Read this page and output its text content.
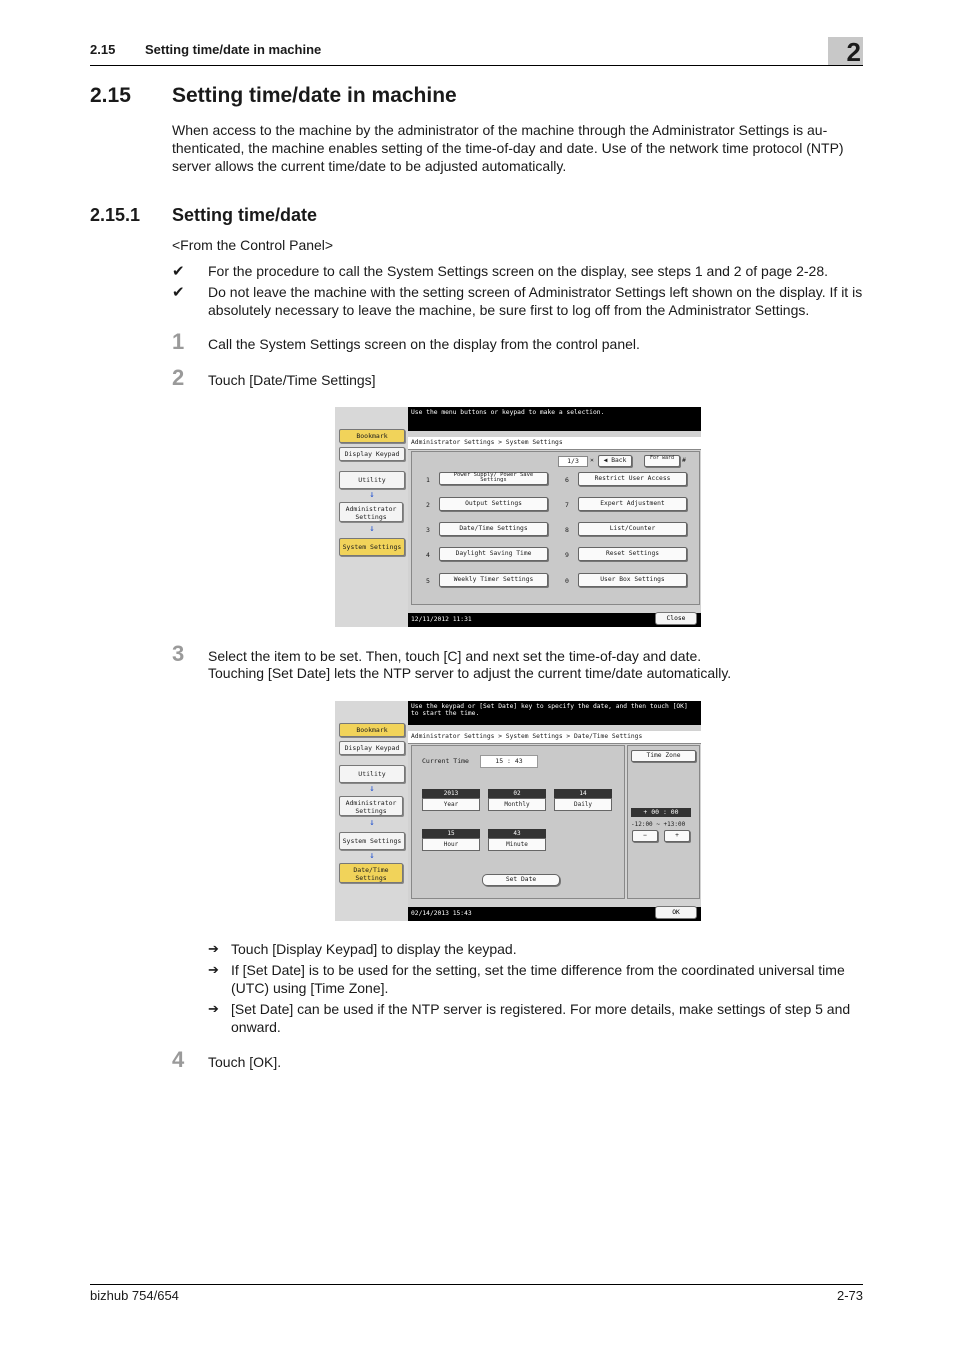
2.15 Setting time/date in machine	2
2.15 Setting time/date in machine
When access to the machine by the administrator of the machine through the Administrator Settings is au-thenticated, the machine enables setting of the time-of-day and date. Use of the network time protocol (NTP) server allows the current time/date to be adjusted automatically.
2.15.1 Setting time/date
<From the Control Panel>
✔ For the procedure to call the System Settings screen on the display, see steps 1 and 2 of page 2-28.
✔ Do not leave the machine with the setting screen of Administrator Settings left shown on the display. If it is absolutely necessary to leave the machine, be sure first to log off from the Administrator Settings.
1 Call the System Settings screen on the display from the control panel.
2 Touch [Date/Time Settings]
Bookmark
Display Keypad
Utility
↓
Administrator Settings
↓
System Settings
Use the menu buttons or keypad to make a selection.
Administrator Settings > System Settings
1/3	×	◀ Back	For ward	#
1
Power Supply/ Power Save Settings
2	Output Settings
3	Date/Time Settings
4	Daylight Saving Time
5	Weekly Timer Settings
6	Restrict User Access
7	Expert Adjustment
8	List/Counter
9	Reset Settings
0	User Box Settings
12/11/2012 11:31	Close
3 Select the item to be set. Then, touch [C] and next set the time-of-day and date.
Touching [Set Date] lets the NTP server to adjust the current time/date automatically.
Bookmark
Display Keypad
Utility
↓
Administrator Settings
↓
System Settings
↓
Date/Time Settings
Use the keypad or [Set Date] key to specify the date, and then touch [OK] to start the time.
Administrator Settings > System Settings > Date/Time Settings
Current Time	15 : 43
2013
Year
02
Monthly
14
Daily
15
Hour
43
Minute
Set Date
Time Zone
+ 00 : 00
-12:00 ~ +13:00
−	+
02/14/2013 15:43	OK
➔ Touch [Display Keypad] to display the keypad.
➔ If [Set Date] is to be used for the setting, set the time difference from the coordinated universal time (UTC) using [Time Zone].
➔ [Set Date] can be used if the NTP server is registered. For more details, make settings of step 5 and onward.
4 Touch [OK].
bizhub 754/654	2-73
